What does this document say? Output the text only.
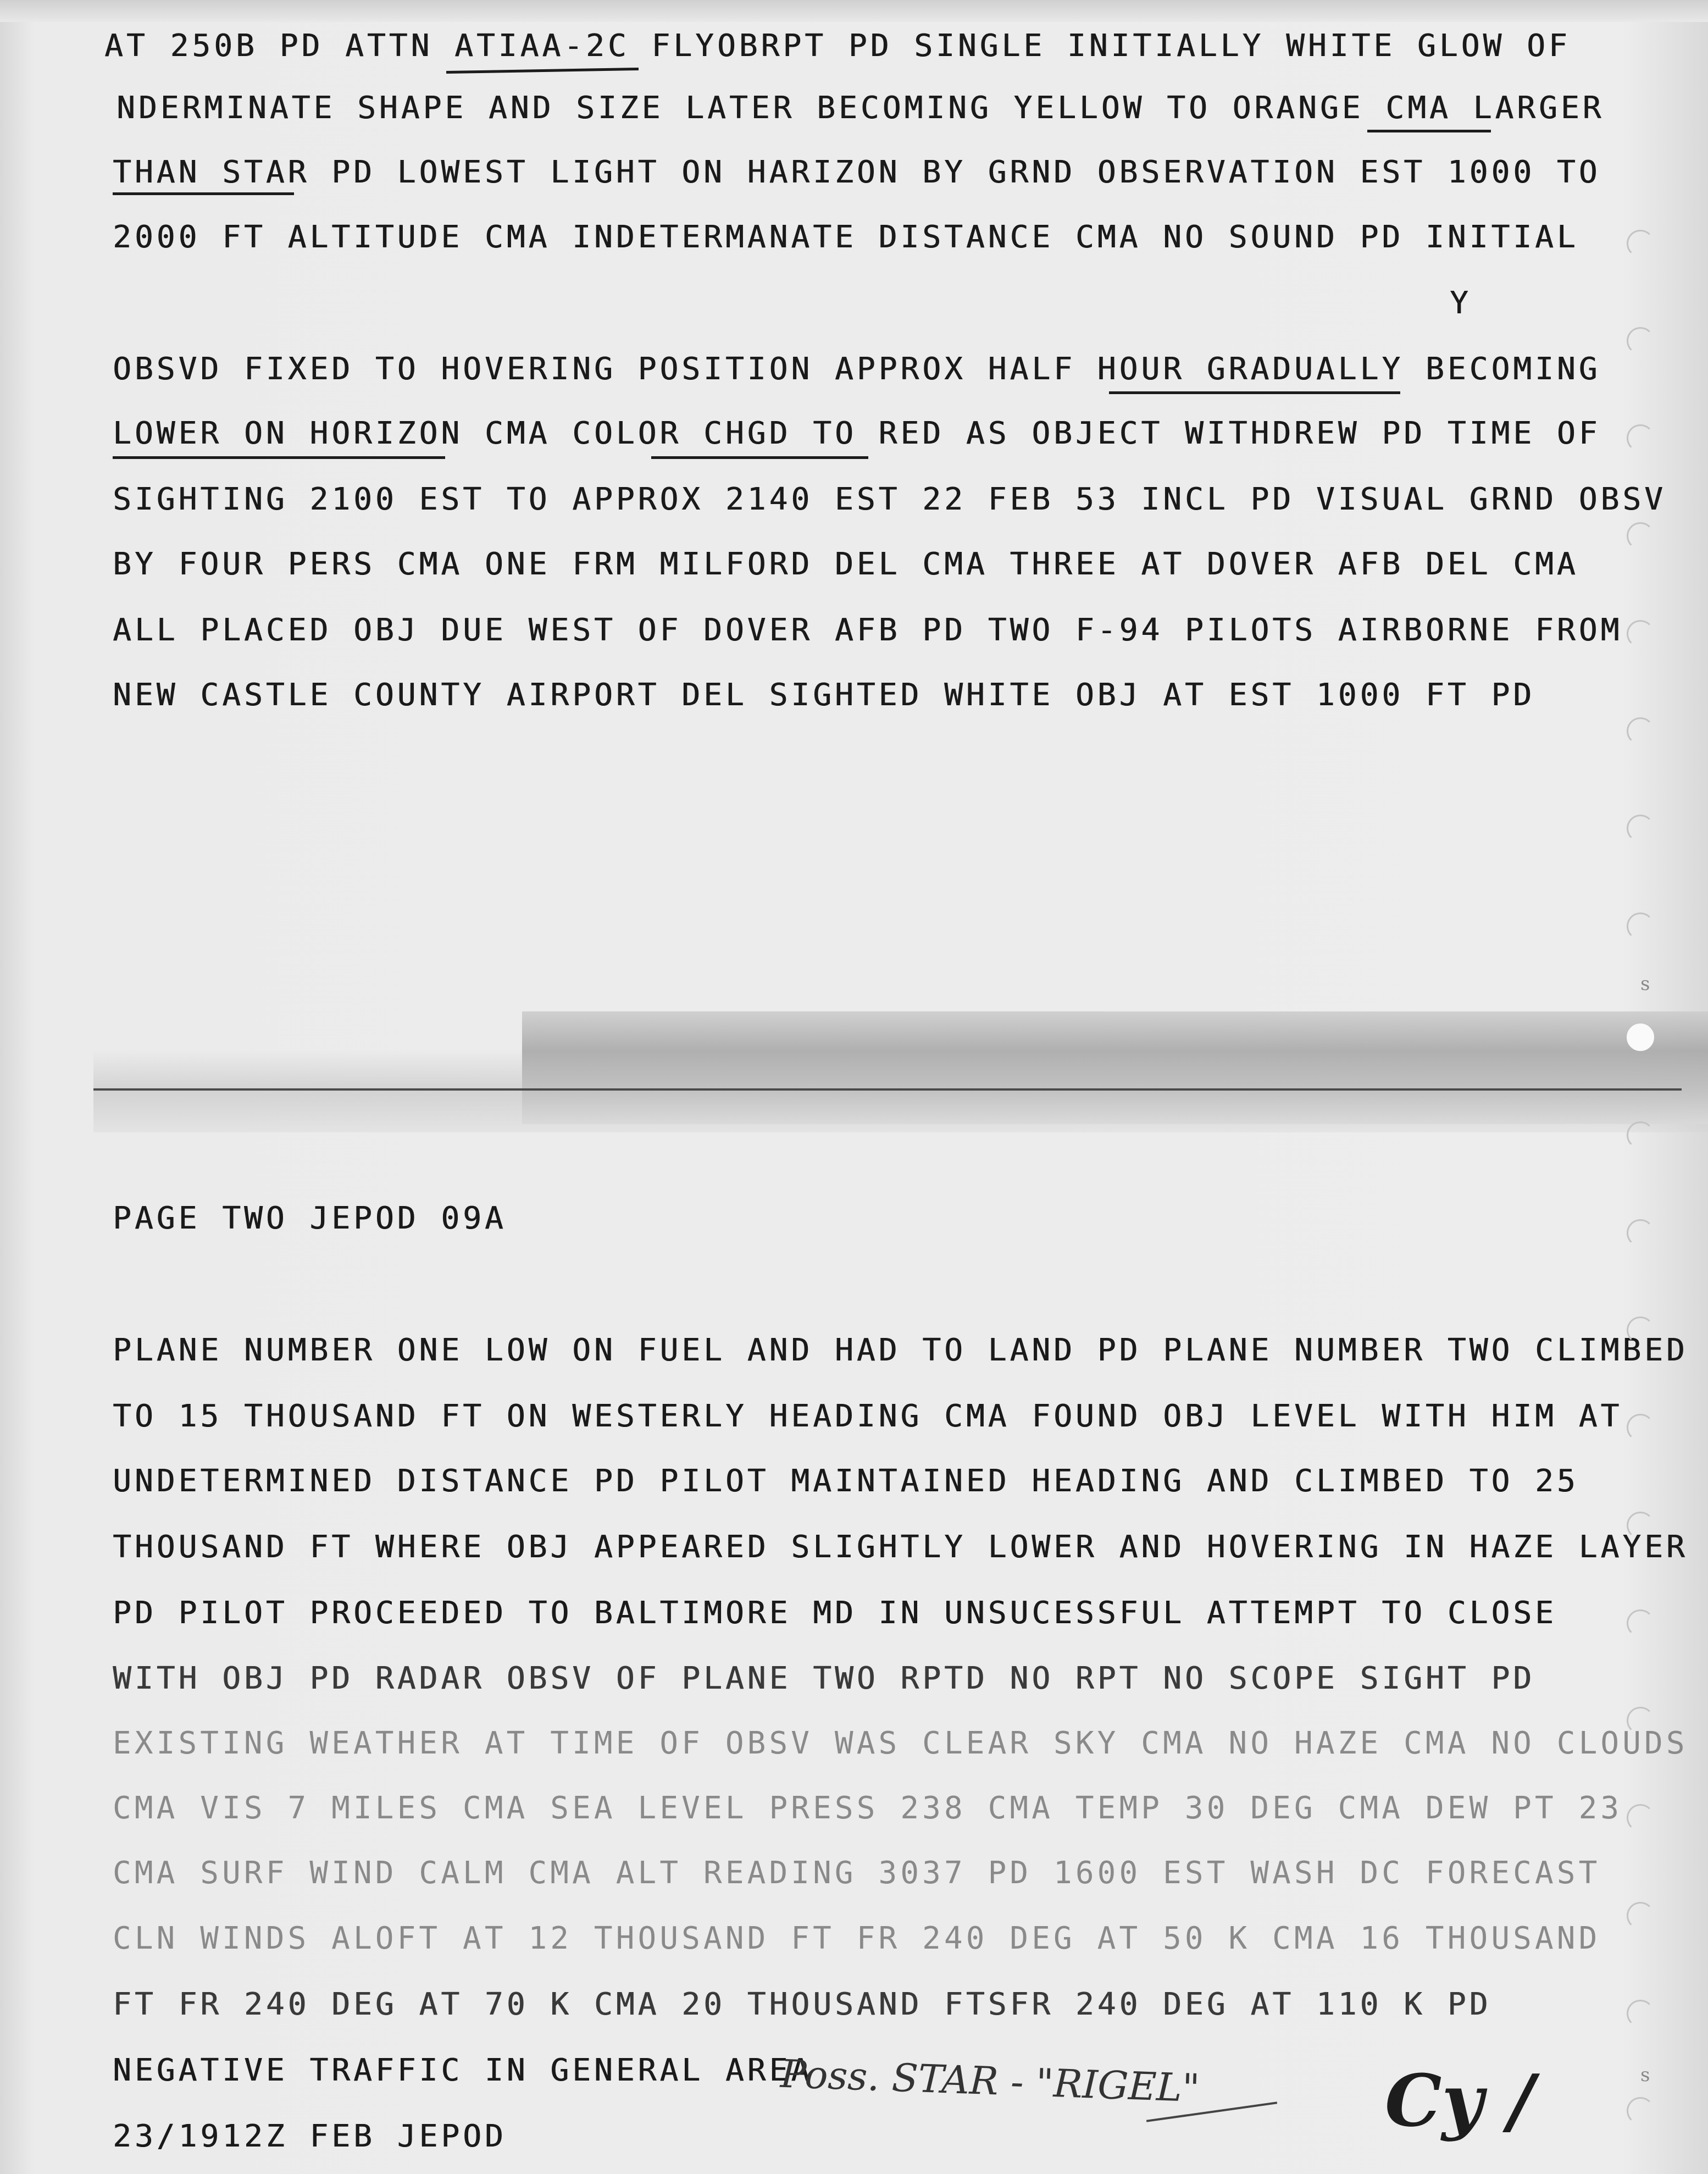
AT 250B PD ATTN ATIAA-2C FLYOBRPT PD SINGLE INITIALLY WHITE GLOW OF
NDERMINATE SHAPE AND SIZE LATER BECOMING YELLOW TO ORANGE CMA LARGER
THAN STAR PD LOWEST LIGHT ON HARIZON BY GRND OBSERVATION EST 1000 TO
2000 FT ALTITUDE CMA INDETERMANATE DISTANCE CMA NO SOUND PD INITIAL
Y
OBSVD FIXED TO HOVERING POSITION APPROX HALF HOUR GRADUALLY BECOMING
LOWER ON HORIZON CMA COLOR CHGD TO RED AS OBJECT WITHDREW PD TIME OF
SIGHTING 2100 EST TO APPROX 2140 EST 22 FEB 53 INCL PD VISUAL GRND OBSV
BY FOUR PERS CMA ONE FRM MILFORD DEL CMA THREE AT DOVER AFB DEL CMA
ALL PLACED OBJ DUE WEST OF DOVER AFB PD TWO F-94 PILOTS AIRBORNE FROM
NEW CASTLE COUNTY AIRPORT DEL SIGHTED WHITE OBJ AT EST 1000 FT PD
PAGE TWO JEPOD 09A
PLANE NUMBER ONE LOW ON FUEL AND HAD TO LAND PD PLANE NUMBER TWO CLIMBED
TO 15 THOUSAND FT ON WESTERLY HEADING CMA FOUND OBJ LEVEL WITH HIM AT
UNDETERMINED DISTANCE PD PILOT MAINTAINED HEADING AND CLIMBED TO 25
THOUSAND FT WHERE OBJ APPEARED SLIGHTLY LOWER AND HOVERING IN HAZE LAYER
PD PILOT PROCEEDED TO BALTIMORE MD IN UNSUCESSFUL ATTEMPT TO CLOSE
WITH OBJ PD RADAR OBSV OF PLANE TWO RPTD NO RPT NO SCOPE SIGHT PD
EXISTING WEATHER AT TIME OF OBSV WAS CLEAR SKY CMA NO HAZE CMA NO CLOUDS
CMA VIS 7 MILES CMA SEA LEVEL PRESS 238 CMA TEMP 30 DEG CMA DEW PT 23
CMA SURF WIND CALM CMA ALT READING 3037 PD 1600 EST WASH DC FORECAST
CLN WINDS ALOFT AT 12 THOUSAND FT FR 240 DEG AT 50 K CMA 16 THOUSAND
FT FR 240 DEG AT 70 K CMA 20 THOUSAND FTSFR 240 DEG AT 110 K PD
NEGATIVE TRAFFIC IN GENERAL AREA
23/1912Z FEB JEPOD
Poss. STAR - "RIGEL"	Cy /
s
s
